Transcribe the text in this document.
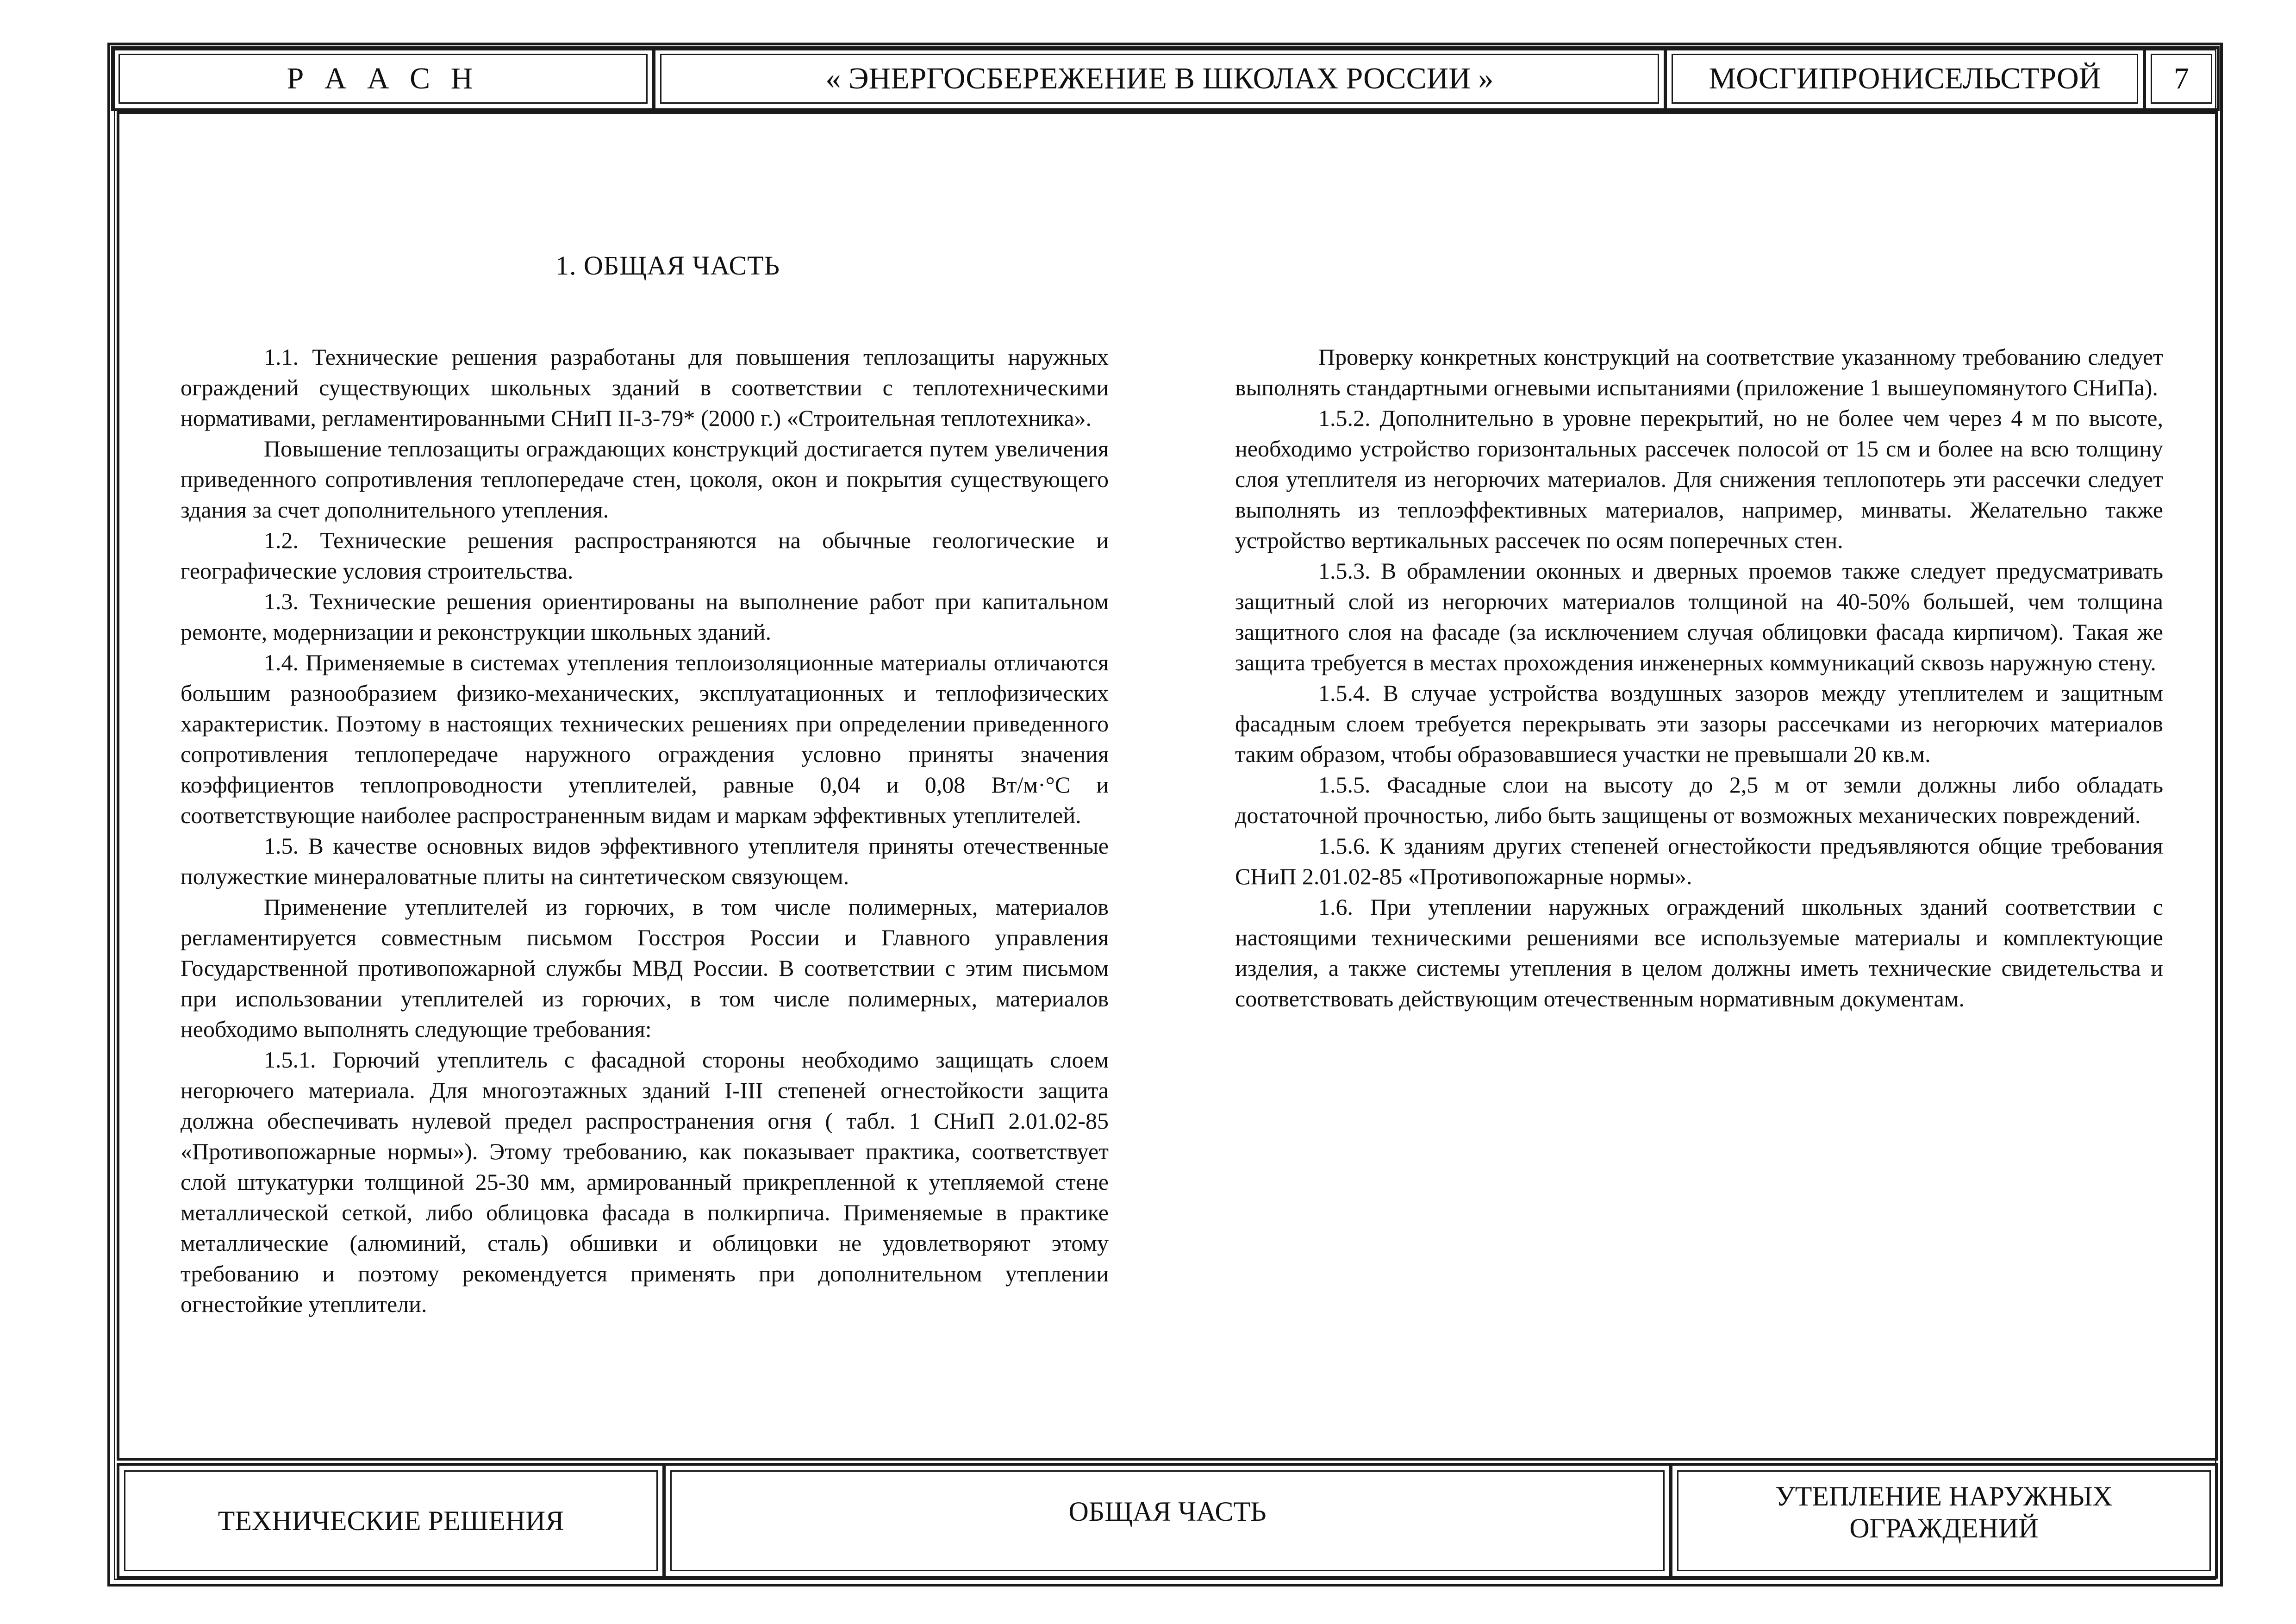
Р А А С Н	« ЭНЕРГОСБЕРЕЖЕНИЕ В ШКОЛАХ РОССИИ »	МОСГИПРОНИСЕЛЬСТРОЙ 7
1. ОБЩАЯ ЧАСТЬ

1.1. Технические решения разработаны для повышения теплозащиты наружных ограждений существующих школьных зданий в соответствии с теплотехническими нормативами, регламентированными СНиП II-3-79* (2000 г.) «Строительная теплотехника».

Повышение теплозащиты ограждающих конструкций достигается путем увеличения приведенного сопротивления теплопередаче стен, цоколя, окон и покрытия существующего здания за счет дополнительного утепления.

1.2. Технические решения распространяются на обычные геологические и географические условия строительства.

1.3. Технические решения ориентированы на выполнение работ при капитальном ремонте, модернизации и реконструкции школьных зданий.

1.4. Применяемые в системах утепления теплоизоляционные материалы отличаются большим разнообразием физико-механических, эксплуатационных и теплофизических характеристик. Поэтому в настоящих технических решениях при определении приведенного сопротивления теплопередаче наружного ограждения условно приняты значения коэффициентов теплопроводности утеплителей, равные 0,04 и 0,08 Вт/м·°С и соответствующие наиболее распространенным видам и маркам эффективных утеплителей.

1.5. В качестве основных видов эффективного утеплителя приняты отечественные полужесткие минераловатные плиты на синтетическом связующем.

Применение утеплителей из горючих, в том числе полимерных, материалов регламентируется совместным письмом Госстроя России и Главного управления Государственной противопожарной службы МВД России. В соответствии с этим письмом при использовании утеплителей из горючих, в том числе полимерных, материалов необходимо выполнять следующие требования:

1.5.1. Горючий утеплитель с фасадной стороны необходимо защищать слоем негорючего материала. Для многоэтажных зданий I-III степеней огнестойкости защита должна обеспечивать нулевой предел распространения огня ( табл. 1 СНиП 2.01.02-85 «Противопожарные нормы»). Этому требованию, как показывает практика, соответствует слой штукатурки толщиной 25-30 мм, армированный прикрепленной к утепляемой стене металлической сеткой, либо облицовка фасада в полкирпича. Применяемые в практике металлические (алюминий, сталь) обшивки и облицовки не удовлетворяют этому требованию и поэтому рекомендуется применять при дополнительном утеплении огнестойкие утеплители.

Проверку конкретных конструкций на соответствие указанному требованию следует выполнять стандартными огневыми испытаниями (приложение 1 вышеупомянутого СНиПа).

1.5.2. Дополнительно в уровне перекрытий, но не более чем через 4 м по высоте, необходимо устройство горизонтальных рассечек полосой от 15 см и более на всю толщину слоя утеплителя из негорючих материалов. Для снижения теплопотерь эти рассечки следует выполнять из теплоэффективных материалов, например, минваты. Желательно также устройство вертикальных рассечек по осям поперечных стен.

1.5.3. В обрамлении оконных и дверных проемов также следует предусматривать защитный слой из негорючих материалов толщиной на 40-50% большей, чем толщина защитного слоя на фасаде (за исключением случая облицовки фасада кирпичом). Такая же защита требуется в местах прохождения инженерных коммуникаций сквозь наружную стену.

1.5.4. В случае устройства воздушных зазоров между утеплителем и защитным фасадным слоем требуется перекрывать эти зазоры рассечками из негорючих материалов таким образом, чтобы образовавшиеся участки не превышали 20 кв.м.

1.5.5. Фасадные слои на высоту до 2,5 м от земли должны либо обладать достаточной прочностью, либо быть защищены от возможных механических повреждений.

1.5.6. К зданиям других степеней огнестойкости предъявляются общие требования СНиП 2.01.02-85 «Противопожарные нормы».

1.6. При утеплении наружных ограждений школьных зданий соответствии с настоящими техническими решениями все используемые материалы и комплектующие изделия, а также системы утепления в целом должны иметь технические свидетельства и соответствовать действующим отечественным нормативным документам.

ТЕХНИЧЕСКИЕ РЕШЕНИЯ	ОБЩАЯ ЧАСТЬ	УТЕПЛЕНИЕ НАРУЖНЫХ
ОГРАЖДЕНИЙ
